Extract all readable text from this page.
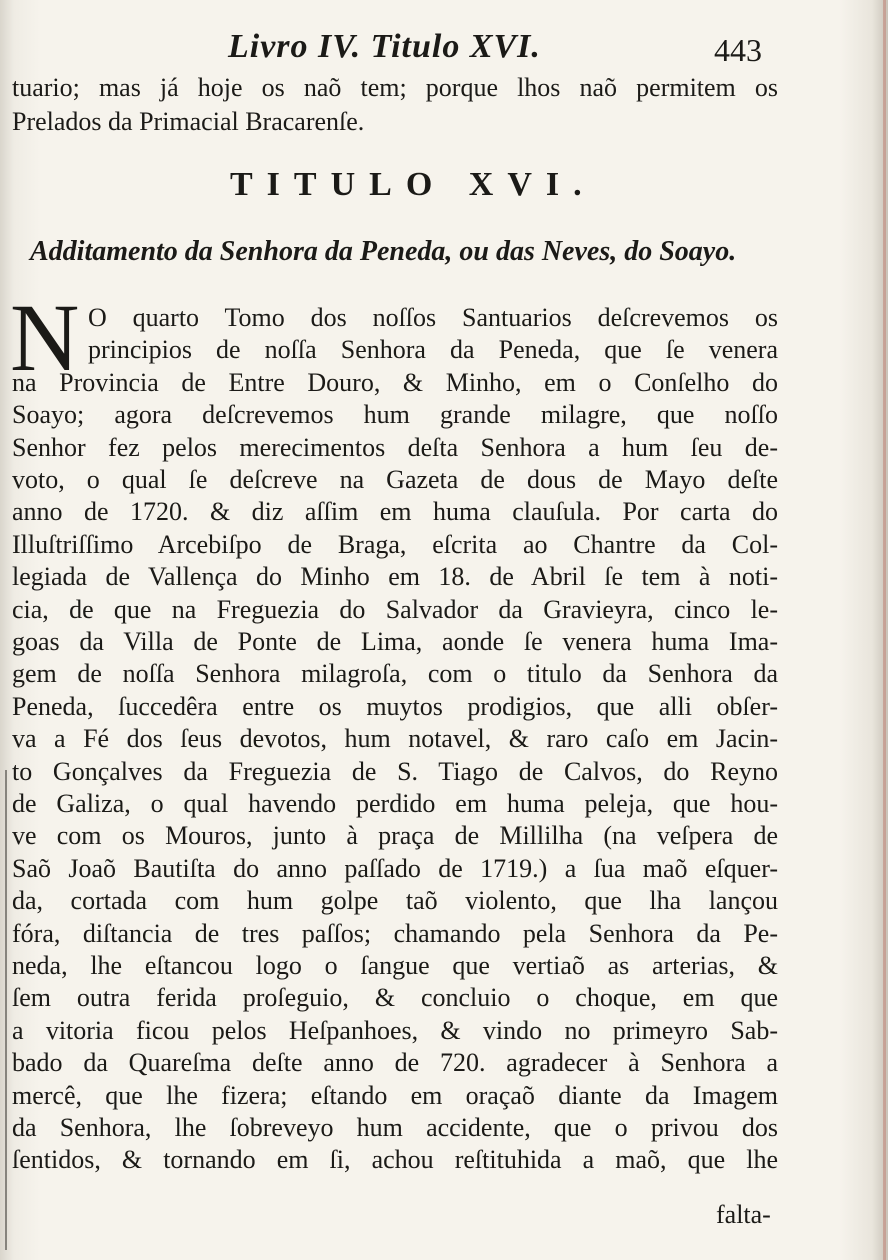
Livro IV. Titulo XVI.	443
tuario; mas já hoje os naõ tem; porque lhos naõ permitem os
Prelados da Primacial Bracarenſe.
TITULO XVI.
Additamento da Senhora da Peneda, ou das Neves, do Soayo.
N O quarto Tomo dos noſſos Santuarios deſcrevemos os
principios de noſſa Senhora da Peneda, que ſe venera
na Provincia de Entre Douro, & Minho, em o Conſelho do
Soayo; agora deſcrevemos hum grande milagre, que noſſo
Senhor fez pelos merecimentos deſta Senhora a hum ſeu de-
voto, o qual ſe deſcreve na Gazeta de dous de Mayo deſte
anno de 1720. & diz aſſim em huma clauſula. Por carta do
Illuſtriſſimo Arcebiſpo de Braga, eſcrita ao Chantre da Col-
legiada de Vallença do Minho em 18. de Abril ſe tem à noti-
cia, de que na Freguezia do Salvador da Gravieyra, cinco le-
goas da Villa de Ponte de Lima, aonde ſe venera huma Ima-
gem de noſſa Senhora milagroſa, com o titulo da Senhora da
Peneda, ſuccedêra entre os muytos prodigios, que alli obſer-
va a Fé dos ſeus devotos, hum notavel, & raro caſo em Jacin-
to Gonçalves da Freguezia de S. Tiago de Calvos, do Reyno
de Galiza, o qual havendo perdido em huma peleja, que hou-
ve com os Mouros, junto à praça de Millilha (na veſpera de
Saõ Joaõ Bautiſta do anno paſſado de 1719.) a ſua maõ eſquer-
da, cortada com hum golpe taõ violento, que lha lançou
fóra, diſtancia de tres paſſos; chamando pela Senhora da Pe-
neda, lhe eſtancou logo o ſangue que vertiaõ as arterias, &
ſem outra ferida proſeguio, & concluio o choque, em que
a vitoria ficou pelos Heſpanhoes, & vindo no primeyro Sab-
bado da Quareſma deſte anno de 720. agradecer à Senhora a
mercê, que lhe fizera; eſtando em oraçaõ diante da Imagem
da Senhora, lhe ſobreveyo hum accidente, que o privou dos
ſentidos, & tornando em ſi, achou reſtituhida a maõ, que lhe
falta-
